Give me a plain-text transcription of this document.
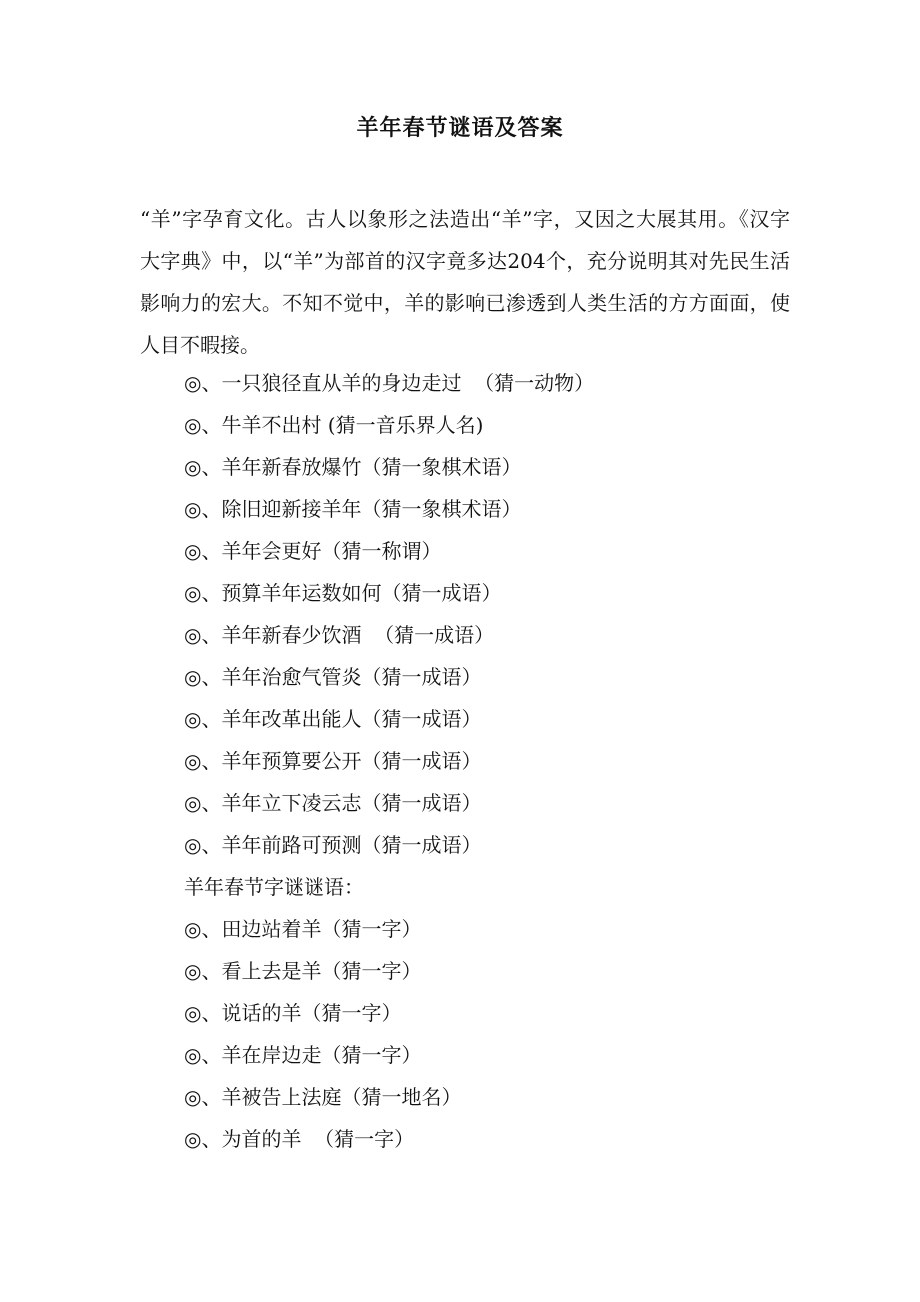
羊年春节谜语及答案

“羊”字孕育文化。古人以象形之法造出“羊”字，又因之大展其用。《汉字大字典》中，以“羊”为部首的汉字竟多达204个，充分说明其对先民生活影响力的宏大。不知不觉中，羊的影响已渗透到人类生活的方方面面，使人目不暇接。

◎、一只狼径直从羊的身边走过  （猜一动物）
◎、牛羊不出村 (猜一音乐界人名)
◎、羊年新春放爆竹（猜一象棋术语）
◎、除旧迎新接羊年（猜一象棋术语）
◎、羊年会更好（猜一称谓）
◎、预算羊年运数如何（猜一成语）
◎、羊年新春少饮酒  （猜一成语）
◎、羊年治愈气管炎（猜一成语）
◎、羊年改革出能人（猜一成语）
◎、羊年预算要公开（猜一成语）
◎、羊年立下凌云志（猜一成语）
◎、羊年前路可预测（猜一成语）
羊年春节字谜谜语：
◎、田边站着羊（猜一字）
◎、看上去是羊（猜一字）
◎、说话的羊（猜一字）
◎、羊在岸边走（猜一字）
◎、羊被告上法庭（猜一地名）
◎、为首的羊  （猜一字）
